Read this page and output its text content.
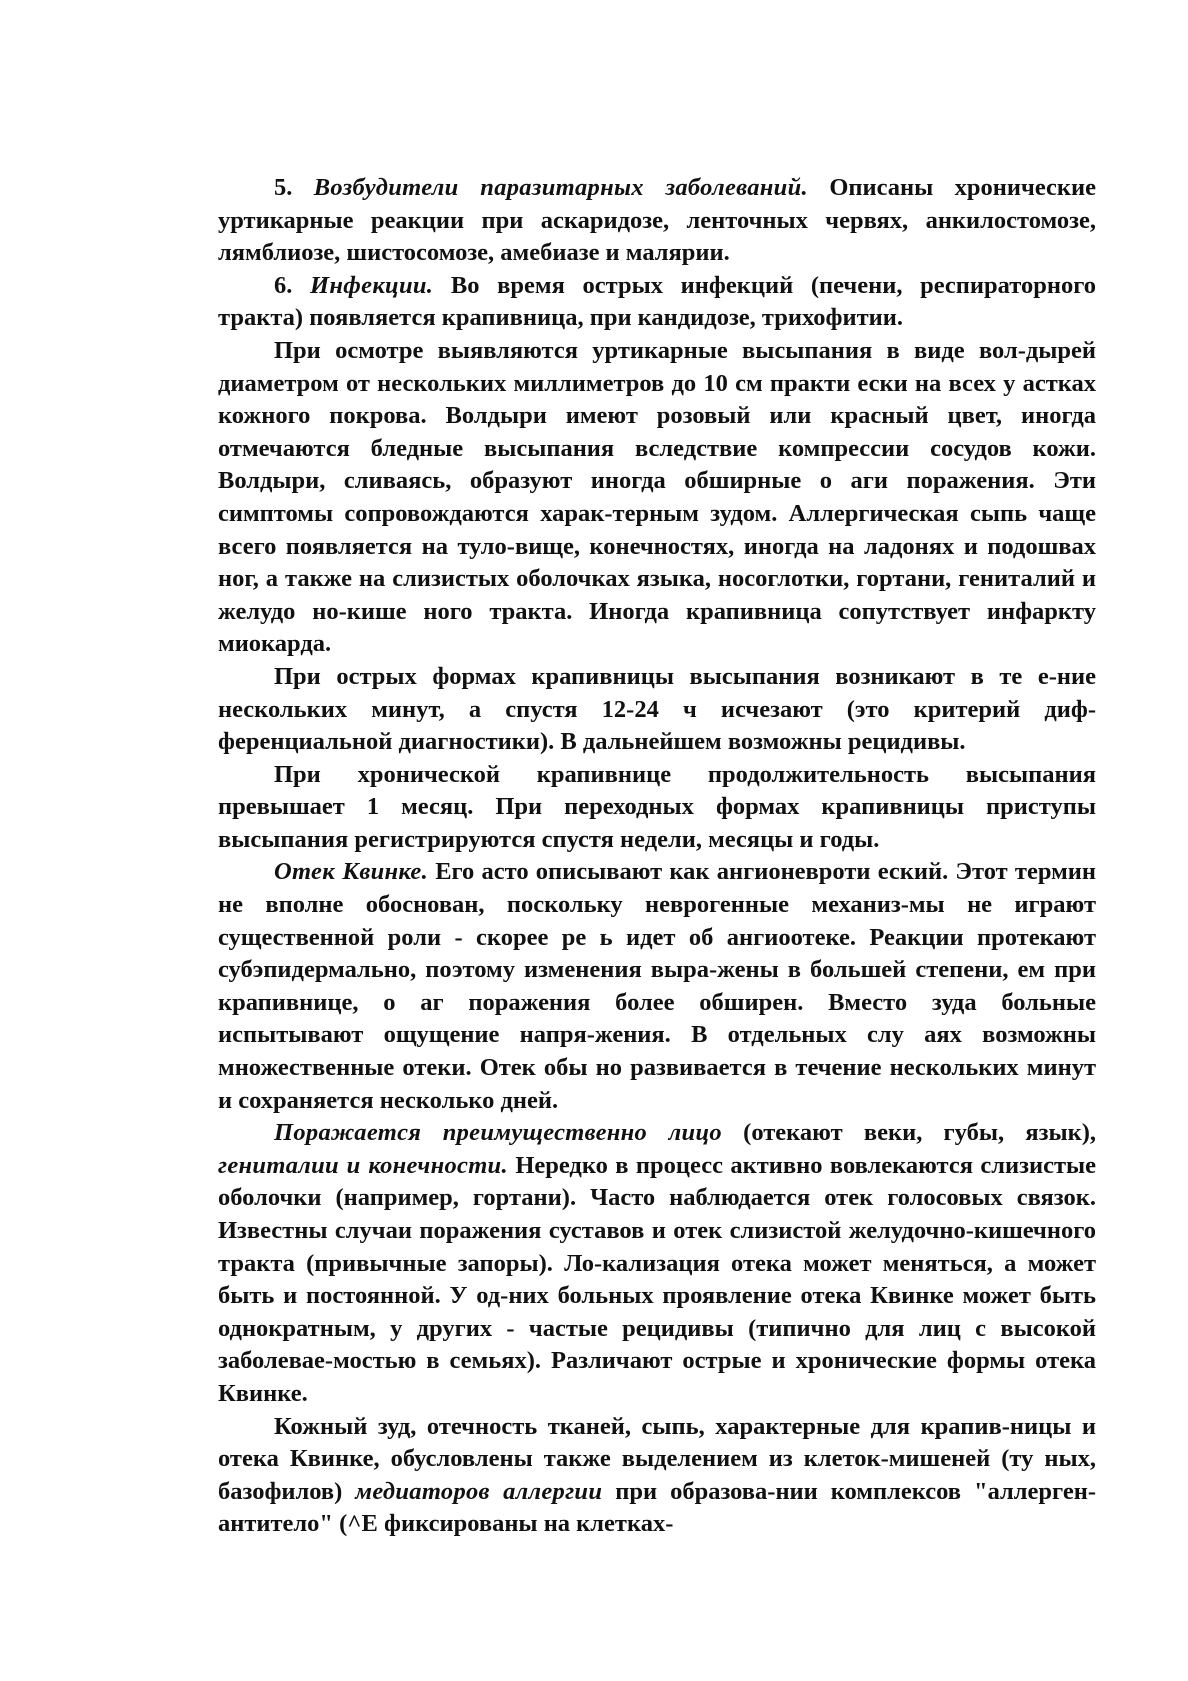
5. Возбудители паразитарных заболеваний. Описаны хронические уртикарные реакции при аскаридозе, ленточных червях, анкилостомозе, лямблиозе, шистосомозе, амебиазе и малярии.

6. Инфекции. Во время острых инфекций (печени, респираторного тракта) появляется крапивница, при кандидозе, трихофитии.

При осмотре выявляются уртикарные высыпания в виде вол-дырей диаметром от нескольких миллиметров до 10 см практи ески на всех у астках кожного покрова. Волдыри имеют розовый или красный цвет, иногда отмечаются бледные высыпания вследствие компрессии сосудов кожи. Волдыри, сливаясь, образуют иногда обширные о аги поражения. Эти симптомы сопровождаются харак-терным зудом. Аллергическая сыпь чаще всего появляется на туло-вище, конечностях, иногда на ладонях и подошвах ног, а также на слизистых оболочках языка, носоглотки, гортани, гениталий и желудо но-кише ного тракта. Иногда крапивница сопутствует инфаркту миокарда.

При острых формах крапивницы высыпания возникают в те е-ние нескольких минут, а спустя 12-24 ч исчезают (это критерий диф-ференциальной диагностики). В дальнейшем возможны рецидивы.

При хронической крапивнице продолжительность высыпания превышает 1 месяц. При переходных формах крапивницы приступы высыпания регистрируются спустя недели, месяцы и годы.

Отек Квинке. Его асто описывают как ангионевроти еский. Этот термин не вполне обоснован, поскольку неврогенные механиз-мы не играют существенной роли - скорее ре ь идет об ангиоотеке. Реакции протекают субэпидермально, поэтому изменения выра-жены в большей степени, ем при крапивнице, о аг поражения более обширен. Вместо зуда больные испытывают ощущение напря-жения. В отдельных слу аях возможны множественные отеки. Отек обы но развивается в течение нескольких минут и сохраняется несколько дней.

Поражается преимущественно лицо (отекают веки, губы, язык), гениталии и конечности. Нередко в процесс активно вовлекаются слизистые оболочки (например, гортани). Часто наблюдается отек голосовых связок. Известны случаи поражения суставов и отек слизистой желудочно-кишечного тракта (привычные запоры). Ло-кализация отека может меняться, а может быть и постоянной. У од-них больных проявление отека Квинке может быть однократным, у других - частые рецидивы (типично для лиц с высокой заболевае-мостью в семьях). Различают острые и хронические формы отека Квинке.

Кожный зуд, отечность тканей, сыпь, характерные для крапив-ницы и отека Квинке, обусловлены также выделением из клеток-мишеней (ту ных, базофилов) медиаторов аллергии при образова-нии комплексов "аллерген-антитело" (^Е фиксированы на клетках-
